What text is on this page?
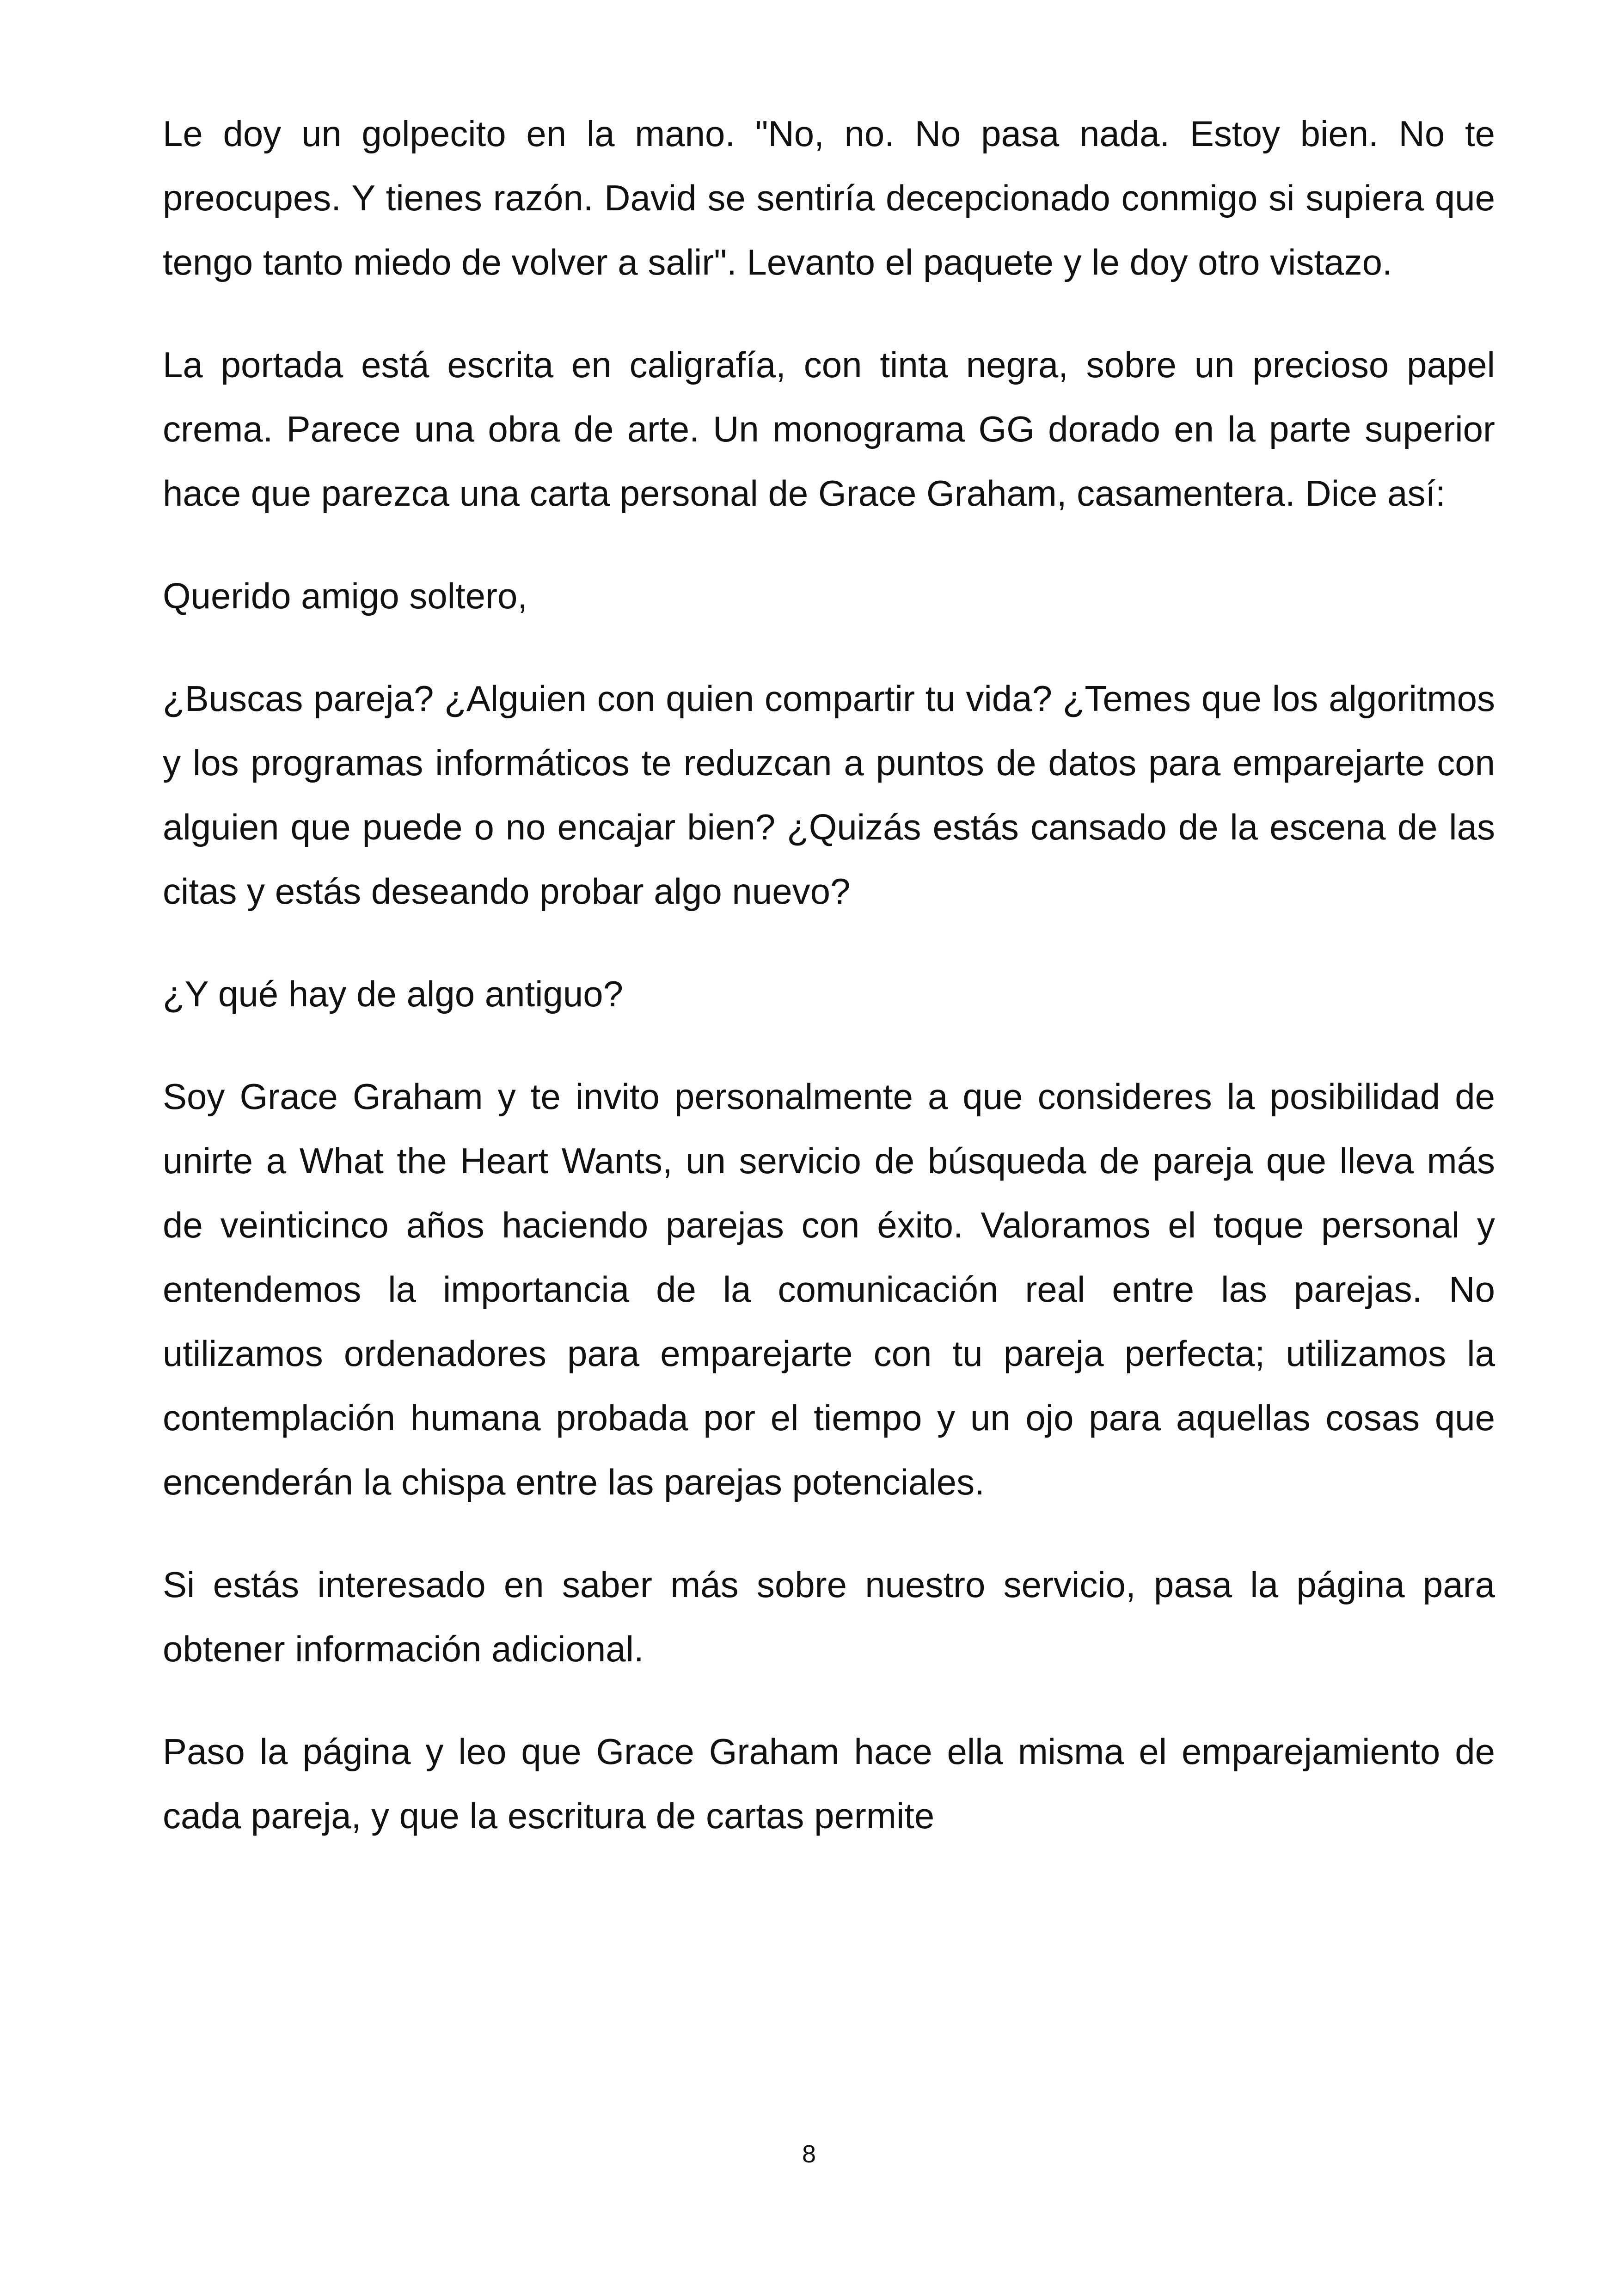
Le doy un golpecito en la mano. "No, no. No pasa nada. Estoy bien. No te preocupes. Y tienes razón. David se sentiría decepcionado conmigo si supiera que tengo tanto miedo de volver a salir". Levanto el paquete y le doy otro vistazo.

La portada está escrita en caligrafía, con tinta negra, sobre un precioso papel crema. Parece una obra de arte. Un monograma GG dorado en la parte superior hace que parezca una carta personal de Grace Graham, casamentera. Dice así:

Querido amigo soltero,

¿Buscas pareja? ¿Alguien con quien compartir tu vida? ¿Temes que los algoritmos y los programas informáticos te reduzcan a puntos de datos para emparejarte con alguien que puede o no encajar bien? ¿Quizás estás cansado de la escena de las citas y estás deseando probar algo nuevo?

¿Y qué hay de algo antiguo?

Soy Grace Graham y te invito personalmente a que consideres la posibilidad de unirte a What the Heart Wants, un servicio de búsqueda de pareja que lleva más de veinticinco años haciendo parejas con éxito. Valoramos el toque personal y entendemos la importancia de la comunicación real entre las parejas. No utilizamos ordenadores para emparejarte con tu pareja perfecta; utilizamos la contemplación humana probada por el tiempo y un ojo para aquellas cosas que encenderán la chispa entre las parejas potenciales.

Si estás interesado en saber más sobre nuestro servicio, pasa la página para obtener información adicional.

Paso la página y leo que Grace Graham hace ella misma el emparejamiento de cada pareja, y que la escritura de cartas permite

8
